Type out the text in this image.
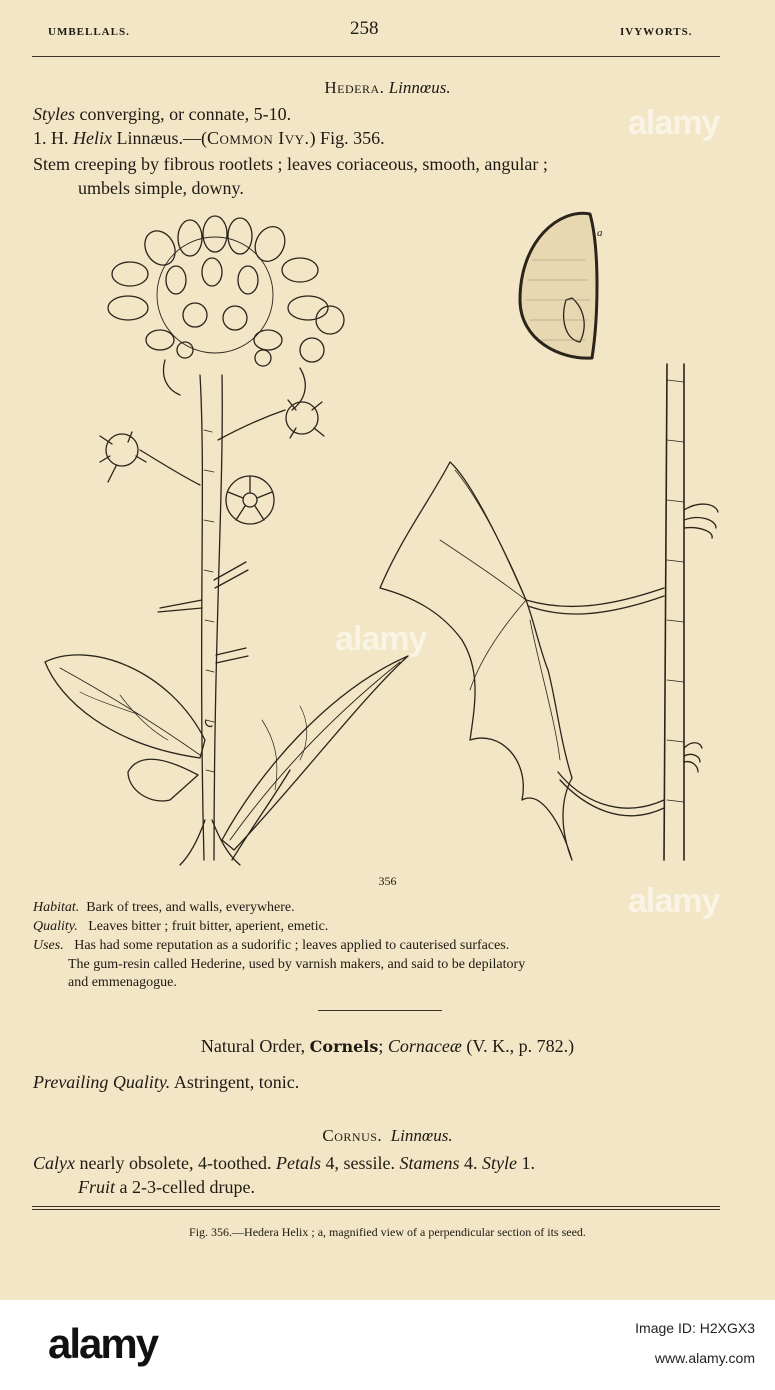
UMBELLALS.	258	IVYWORTS.
Hedera. Linnœus.
Styles converging, or connate, 5-10.
1. H. Helix Linnæus.—(Common Ivy.) Fig. 356.
Stem creeping by fibrous rootlets ; leaves coriaceous, smooth, angular ;
umbels simple, downy.
a
356
Habitat. Bark of trees, and walls, everywhere.
Quality. Leaves bitter ; fruit bitter, aperient, emetic.
Uses. Has had some reputation as a sudorific ; leaves applied to cauterised surfaces.
The gum-resin called Hederine, used by varnish makers, and said to be depilatory
and emmenagogue.
Natural Order, Cornels; Cornaceæ (V. K., p. 782.)
Prevailing Quality. Astringent, tonic.
Cornus. Linnœus.
Calyx nearly obsolete, 4-toothed. Petals 4, sessile. Stamens 4. Style 1.
Fruit a 2-3-celled drupe.
Fig. 356.—Hedera Helix ; a, magnified view of a perpendicular section of its seed.
alamy
alamy
alamy
alamy	Image ID: H2XGX3
www.alamy.com
